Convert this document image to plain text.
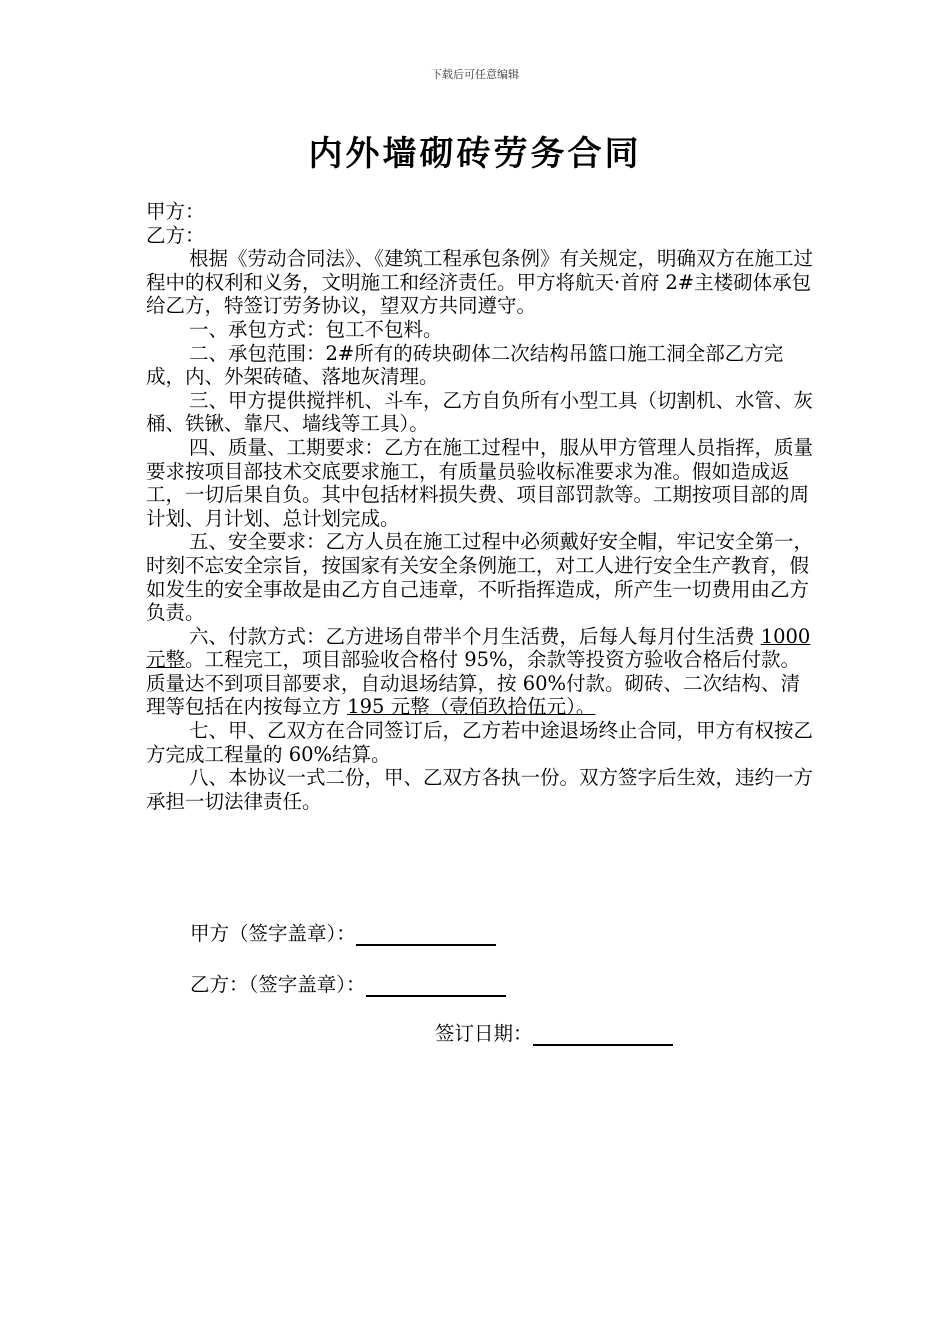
下载后可任意编辑
内外墙砌砖劳务合同

甲方：

乙方：

根据《劳动合同法》、《建筑工程承包条例》有关规定，明确双方在施工过程中的权利和义务，文明施工和经济责任。甲方将航天·首府 2#主楼砌体承包给乙方，特签订劳务协议，望双方共同遵守。

一、承包方式：包工不包料。

二、承包范围：2#所有的砖块砌体二次结构吊篮口施工洞全部乙方完成，内、外架砖碴、落地灰清理。

三、甲方提供搅拌机、斗车，乙方自负所有小型工具（切割机、水管、灰桶、铁锹、靠尺、墙线等工具）。

四、质量、工期要求：乙方在施工过程中，服从甲方管理人员指挥，质量要求按项目部技术交底要求施工，有质量员验收标准要求为准。假如造成返工，一切后果自负。其中包括材料损失费、项目部罚款等。工期按项目部的周计划、月计划、总计划完成。

五、安全要求：乙方人员在施工过程中必须戴好安全帽，牢记安全第一，时刻不忘安全宗旨，按国家有关安全条例施工，对工人进行安全生产教育，假如发生的安全事故是由乙方自己违章，不听指挥造成，所产生一切费用由乙方负责。

六、付款方式：乙方进场自带半个月生活费，后每人每月付生活费 1000 元整。工程完工，项目部验收合格付 95%，余款等投资方验收合格后付款。质量达不到项目部要求，自动退场结算，按 60%付款。砌砖、二次结构、清理等包括在内按每立方 195 元整（壹佰玖拾伍元）。

七、甲、乙双方在合同签订后，乙方若中途退场终止合同，甲方有权按乙方完成工程量的 60%结算。

八、本协议一式二份，甲、乙双方各执一份。双方签字后生效，违约一方承担一切法律责任。

甲方（签字盖章）：
乙方：（签字盖章）：
签订日期：
